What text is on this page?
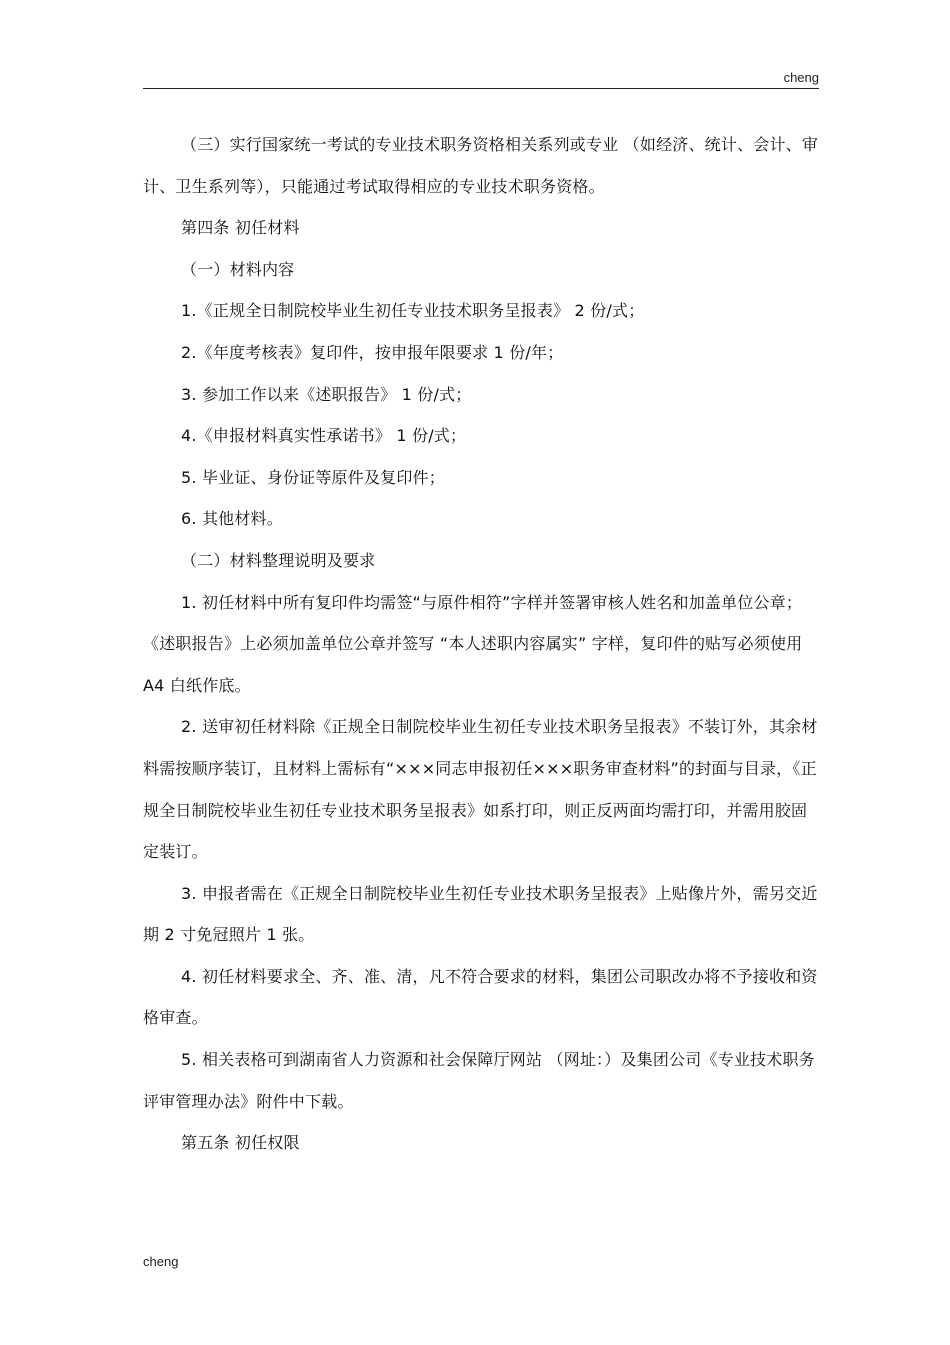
cheng

（三）实行国家统一考试的专业技术职务资格相关系列或专业 （如经济、统计、会计、审计、卫生系列等），只能通过考试取得相应的专业技术职务资格。

第四条 初任材料

（一）材料内容

1.《正规全日制院校毕业生初任专业技术职务呈报表》 2 份/式；

2.《年度考核表》复印件，按申报年限要求 1 份/年；

3. 参加工作以来《述职报告》 1 份/式；

4.《申报材料真实性承诺书》 1 份/式；

5. 毕业证、身份证等原件及复印件；

6. 其他材料。

（二）材料整理说明及要求

1. 初任材料中所有复印件均需签“与原件相符”字样并签署审核人姓名和加盖单位公章；《述职报告》上必须加盖单位公章并签写 “本人述职内容属实” 字样，复印件的贴写必须使用 A4 白纸作底。

2. 送审初任材料除《正规全日制院校毕业生初任专业技术职务呈报表》不装订外，其余材料需按顺序装订，且材料上需标有“×××同志申报初任×××职务审查材料”的封面与目录，《正规全日制院校毕业生初任专业技术职务呈报表》如系打印，则正反两面均需打印，并需用胶固定装订。

3. 申报者需在《正规全日制院校毕业生初任专业技术职务呈报表》上贴像片外，需另交近期 2 寸免冠照片 1 张。

4. 初任材料要求全、齐、准、清，凡不符合要求的材料，集团公司职改办将不予接收和资格审查。

5. 相关表格可到湖南省人力资源和社会保障厅网站 （网址：）及集团公司《专业技术职务评审管理办法》附件中下载。

第五条 初任权限

cheng
